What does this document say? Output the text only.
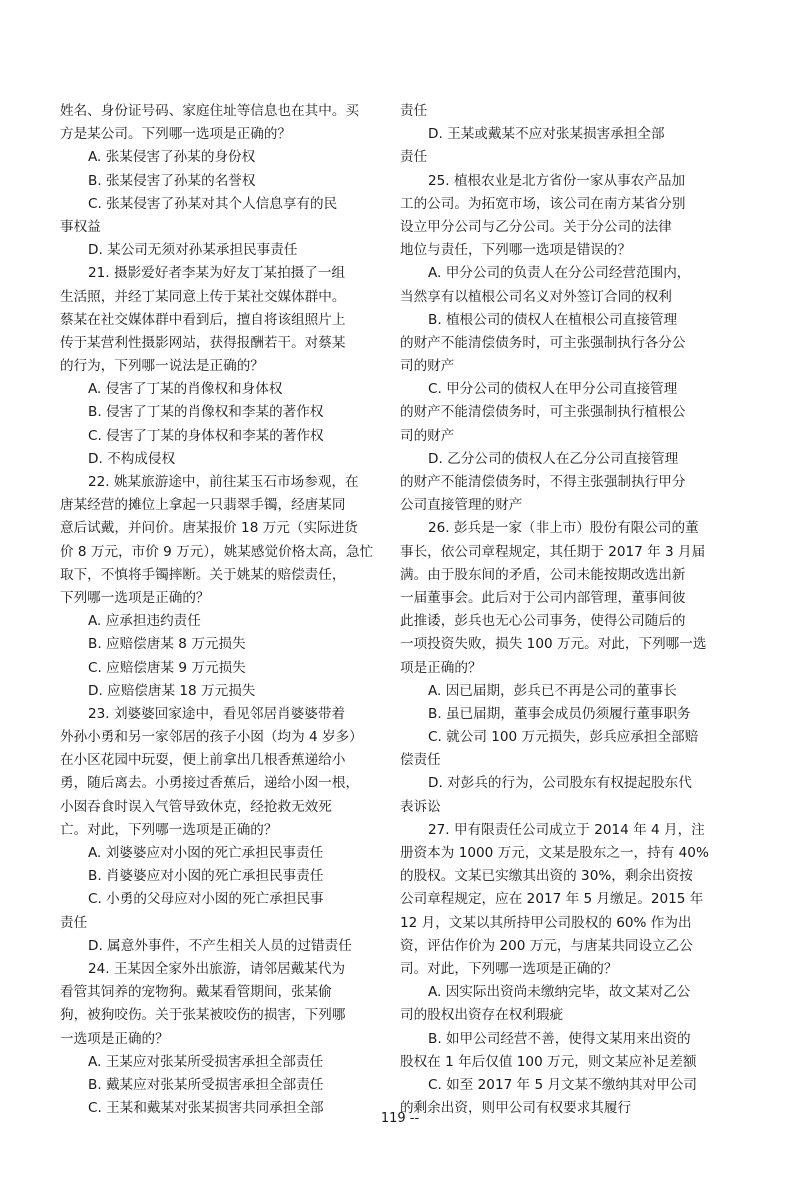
姓名、身份证号码、家庭住址等信息也在其中。买
方是某公司。下列哪一选项是正确的？
A. 张某侵害了孙某的身份权
B. 张某侵害了孙某的名誉权
C. 张某侵害了孙某对其个人信息享有的民
事权益
D. 某公司无须对孙某承担民事责任
21. 摄影爱好者李某为好友丁某拍摄了一组
生活照，并经丁某同意上传于某社交媒体群中。
蔡某在社交媒体群中看到后，擅自将该组照片上
传于某营利性摄影网站，获得报酬若干。对蔡某
的行为，下列哪一说法是正确的？
A. 侵害了丁某的肖像权和身体权
B. 侵害了丁某的肖像权和李某的著作权
C. 侵害了丁某的身体权和李某的著作权
D. 不构成侵权
22. 姚某旅游途中，前往某玉石市场参观，在
唐某经营的摊位上拿起一只翡翠手镯，经唐某同
意后试戴，并问价。唐某报价 18 万元（实际进货
价 8 万元，市价 9 万元），姚某感觉价格太高，急忙
取下，不慎将手镯摔断。关于姚某的赔偿责任，
下列哪一选项是正确的？
A. 应承担违约责任
B. 应赔偿唐某 8 万元损失
C. 应赔偿唐某 9 万元损失
D. 应赔偿唐某 18 万元损失
23. 刘婆婆回家途中，看见邻居肖婆婆带着
外孙小勇和另一家邻居的孩子小囡（均为 4 岁多）
在小区花园中玩耍，便上前拿出几根香蕉递给小
勇，随后离去。小勇接过香蕉后，递给小囡一根，
小囡吞食时误入气管导致休克，经抢救无效死
亡。对此，下列哪一选项是正确的？
A. 刘婆婆应对小囡的死亡承担民事责任
B. 肖婆婆应对小囡的死亡承担民事责任
C. 小勇的父母应对小囡的死亡承担民事
责任
D. 属意外事件，不产生相关人员的过错责任
24. 王某因全家外出旅游，请邻居戴某代为
看管其饲养的宠物狗。戴某看管期间，张某偷
狗，被狗咬伤。关于张某被咬伤的损害，下列哪
一选项是正确的？
A. 王某应对张某所受损害承担全部责任
B. 戴某应对张某所受损害承担全部责任
C. 王某和戴某对张某损害共同承担全部
责任
D. 王某或戴某不应对张某损害承担全部
责任
25. 植根农业是北方省份一家从事农产品加
工的公司。为拓宽市场，该公司在南方某省分别
设立甲分公司与乙分公司。关于分公司的法律
地位与责任，下列哪一选项是错误的？
A. 甲分公司的负责人在分公司经营范围内，
当然享有以植根公司名义对外签订合同的权利
B. 植根公司的债权人在植根公司直接管理
的财产不能清偿债务时，可主张强制执行各分公
司的财产
C. 甲分公司的债权人在甲分公司直接管理
的财产不能清偿债务时，可主张强制执行植根公
司的财产
D. 乙分公司的债权人在乙分公司直接管理
的财产不能清偿债务时，不得主张强制执行甲分
公司直接管理的财产
26. 彭兵是一家（非上市）股份有限公司的董
事长，依公司章程规定，其任期于 2017 年 3 月届
满。由于股东间的矛盾，公司未能按期改选出新
一届董事会。此后对于公司内部管理，董事间彼
此推诿，彭兵也无心公司事务，使得公司随后的
一项投资失败，损失 100 万元。对此，下列哪一选
项是正确的？
A. 因已届期，彭兵已不再是公司的董事长
B. 虽已届期，董事会成员仍须履行董事职务
C. 就公司 100 万元损失，彭兵应承担全部赔
偿责任
D. 对彭兵的行为，公司股东有权提起股东代
表诉讼
27. 甲有限责任公司成立于 2014 年 4 月，注
册资本为 1000 万元，文某是股东之一，持有 40%
的股权。文某已实缴其出资的 30%，剩余出资按
公司章程规定，应在 2017 年 5 月缴足。2015 年
12 月，文某以其所持甲公司股权的 60% 作为出
资，评估作价为 200 万元，与唐某共同设立乙公
司。对此，下列哪一选项是正确的？
A. 因实际出资尚未缴纳完毕，故文某对乙公
司的股权出资存在权利瑕疵
B. 如甲公司经营不善，使得文某用来出资的
股权在 1 年后仅值 100 万元，则文某应补足差额
C. 如至 2017 年 5 月文某不缴纳其对甲公司
的剩余出资，则甲公司有权要求其履行
119 --
